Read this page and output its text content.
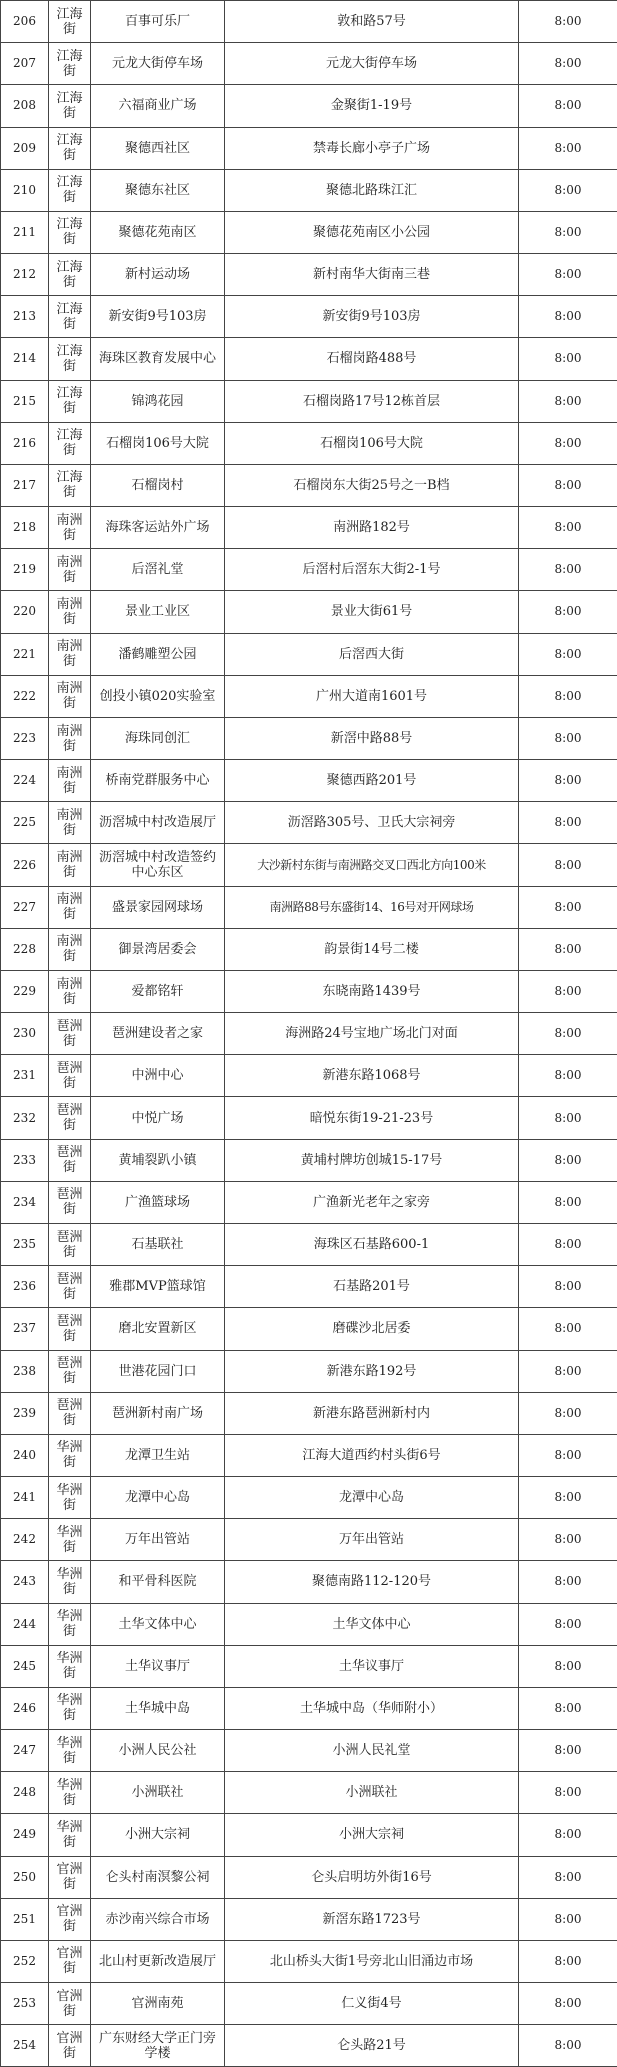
206	江海街	百事可乐厂	敦和路57号	8:00
207	江海街	元龙大街停车场	元龙大街停车场	8:00
208	江海街	六福商业广场	金聚街1-19号	8:00
209	江海街	聚德西社区	禁毒长廊小亭子广场	8:00
210	江海街	聚德东社区	聚德北路珠江汇	8:00
211	江海街	聚德花苑南区	聚德花苑南区小公园	8:00
212	江海街	新村运动场	新村南华大街南三巷	8:00
213	江海街	新安街9号103房	新安街9号103房	8:00
214	江海街	海珠区教育发展中心	石榴岗路488号	8:00
215	江海街	锦鸿花园	石榴岗路17号12栋首层	8:00
216	江海街	石榴岗106号大院	石榴岗106号大院	8:00
217	江海街	石榴岗村	石榴岗东大街25号之一B档	8:00
218	南洲街	海珠客运站外广场	南洲路182号	8:00
219	南洲街	后滘礼堂	后滘村后滘东大街2-1号	8:00
220	南洲街	景业工业区	景业大街61号	8:00
221	南洲街	潘鹤雕塑公园	后滘西大街	8:00
222	南洲街	创投小镇020实验室	广州大道南1601号	8:00
223	南洲街	海珠同创汇	新滘中路88号	8:00
224	南洲街	桥南党群服务中心	聚德西路201号	8:00
225	南洲街	沥滘城中村改造展厅	沥滘路305号、卫氏大宗祠旁	8:00
226	南洲街	沥滘城中村改造签约中心东区	大沙新村东街与南洲路交叉口西北方向100米	8:00
227	南洲街	盛景家园网球场	南洲路88号东盛街14、16号对开网球场	8:00
228	南洲街	御景湾居委会	韵景街14号二楼	8:00
229	南洲街	爱都铭轩	东晓南路1439号	8:00
230	琶洲街	琶洲建设者之家	海洲路24号宝地广场北门对面	8:00
231	琶洲街	中洲中心	新港东路1068号	8:00
232	琶洲街	中悦广场	暗悦东街19-21-23号	8:00
233	琶洲街	黄埔裂趴小镇	黄埔村牌坊创城15-17号	8:00
234	琶洲街	广渔篮球场	广渔新光老年之家旁	8:00
235	琶洲街	石基联社	海珠区石基路600-1	8:00
236	琶洲街	雅郡MVP篮球馆	石基路201号	8:00
237	琶洲街	磨北安置新区	磨碟沙北居委	8:00
238	琶洲街	世港花园门口	新港东路192号	8:00
239	琶洲街	琶洲新村南广场	新港东路琶洲新村内	8:00
240	华洲街	龙潭卫生站	江海大道西约村头街6号	8:00
241	华洲街	龙潭中心岛	龙潭中心岛	8:00
242	华洲街	万年出管站	万年出管站	8:00
243	华洲街	和平骨科医院	聚德南路112-120号	8:00
244	华洲街	土华文体中心	土华文体中心	8:00
245	华洲街	土华议事厅	土华议事厅	8:00
246	华洲街	土华城中岛	土华城中岛（华师附小）	8:00
247	华洲街	小洲人民公社	小洲人民礼堂	8:00
248	华洲街	小洲联社	小洲联社	8:00
249	华洲街	小洲大宗祠	小洲大宗祠	8:00
250	官洲街	仑头村南溟黎公祠	仑头启明坊外街16号	8:00
251	官洲街	赤沙南兴综合市场	新滘东路1723号	8:00
252	官洲街	北山村更新改造展厅	北山桥头大街1号旁北山旧涌边市场	8:00
253	官洲街	官洲南苑	仁义街4号	8:00
254	官洲街	广东财经大学正门旁学楼	仑头路21号	8:00
